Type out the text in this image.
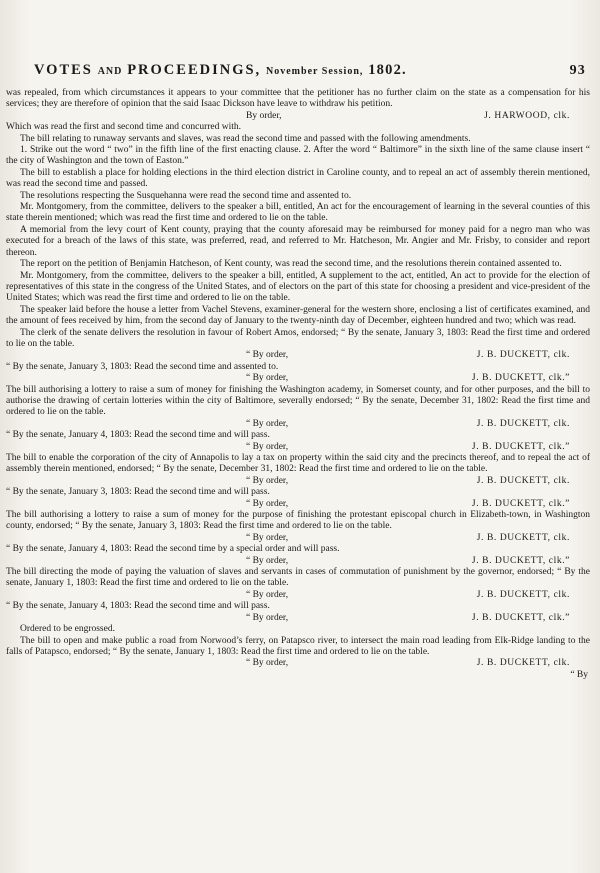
VOTES AND PROCEEDINGS, November Session, 1802.	93

was repealed, from which circumstances it appears to your committee that the petitioner has no further claim on the state as a compensation for his services; they are therefore of opinion that the said Isaac Dickson have leave to withdraw his petition.

By order,	J. HARWOOD, clk.

Which was read the first and second time and concurred with.

The bill relating to runaway servants and slaves, was read the second time and passed with the following amendments.

1. Strike out the word “ two” in the fifth line of the first enacting clause. 2. After the word “ Baltimore” in the sixth line of the same clause insert “ the city of Washington and the town of Easton.”

The bill to establish a place for holding elections in the third election district in Caroline county, and to repeal an act of assembly therein mentioned, was read the second time and passed.

The resolutions respecting the Susquehanna were read the second time and assented to.

Mr. Montgomery, from the committee, delivers to the speaker a bill, entitled, An act for the encouragement of learning in the several counties of this state therein mentioned; which was read the first time and ordered to lie on the table.

A memorial from the levy court of Kent county, praying that the county aforesaid may be reimbursed for money paid for a negro man who was executed for a breach of the laws of this state, was preferred, read, and referred to Mr. Hatcheson, Mr. Angier and Mr. Frisby, to consider and report thereon.

The report on the petition of Benjamin Hatcheson, of Kent county, was read the second time, and the resolutions therein contained assented to.

Mr. Montgomery, from the committee, delivers to the speaker a bill, entitled, A supplement to the act, entitled, An act to provide for the election of representatives of this state in the congress of the United States, and of electors on the part of this state for choosing a president and vice-president of the United States; which was read the first time and ordered to lie on the table.

The speaker laid before the house a letter from Vachel Stevens, examiner-general for the western shore, enclosing a list of certificates examined, and the amount of fees received by him, from the second day of January to the twenty-ninth day of December, eighteen hundred and two; which was read.

The clerk of the senate delivers the resolution in favour of Robert Amos, endorsed; “ By the senate, January 3, 1803: Read the first time and ordered to lie on the table.

“ By order,	J. B. DUCKETT, clk.

“ By the senate, January 3, 1803: Read the second time and assented to.

“ By order,	J. B. DUCKETT, clk.”

The bill authorising a lottery to raise a sum of money for finishing the Washington academy, in Somerset county, and for other purposes, and the bill to authorise the drawing of certain lotteries within the city of Baltimore, severally endorsed; “ By the senate, December 31, 1802: Read the first time and ordered to lie on the table.

“ By order,	J. B. DUCKETT, clk.

“ By the senate, January 4, 1803: Read the second time and will pass.

“ By order,	J. B. DUCKETT, clk.”

The bill to enable the corporation of the city of Annapolis to lay a tax on property within the said city and the precincts thereof, and to repeal the act of assembly therein mentioned, endorsed; “ By the senate, December 31, 1802: Read the first time and ordered to lie on the table.

“ By order,	J. B. DUCKETT, clk.

“ By the senate, January 3, 1803: Read the second time and will pass.

“ By order,	J. B. DUCKETT, clk.”

The bill authorising a lottery to raise a sum of money for the purpose of finishing the protestant episcopal church in Elizabeth-town, in Washington county, endorsed; “ By the senate, January 3, 1803: Read the first time and ordered to lie on the table.

“ By order,	J. B. DUCKETT, clk.

“ By the senate, January 4, 1803: Read the second time by a special order and will pass.

“ By order,	J. B. DUCKETT, clk.”

The bill directing the mode of paying the valuation of slaves and servants in cases of commutation of punishment by the governor, endorsed; “ By the senate, January 1, 1803: Read the first time and ordered to lie on the table.

“ By order,	J. B. DUCKETT, clk.

“ By the senate, January 4, 1803: Read the second time and will pass.

“ By order,	J. B. DUCKETT, clk.”

Ordered to be engrossed.

The bill to open and make public a road from Norwood’s ferry, on Patapsco river, to intersect the main road leading from Elk-Ridge landing to the falls of Patapsco, endorsed; “ By the senate, January 1, 1803: Read the first time and ordered to lie on the table.

“ By order,	J. B. DUCKETT, clk.
“ By
